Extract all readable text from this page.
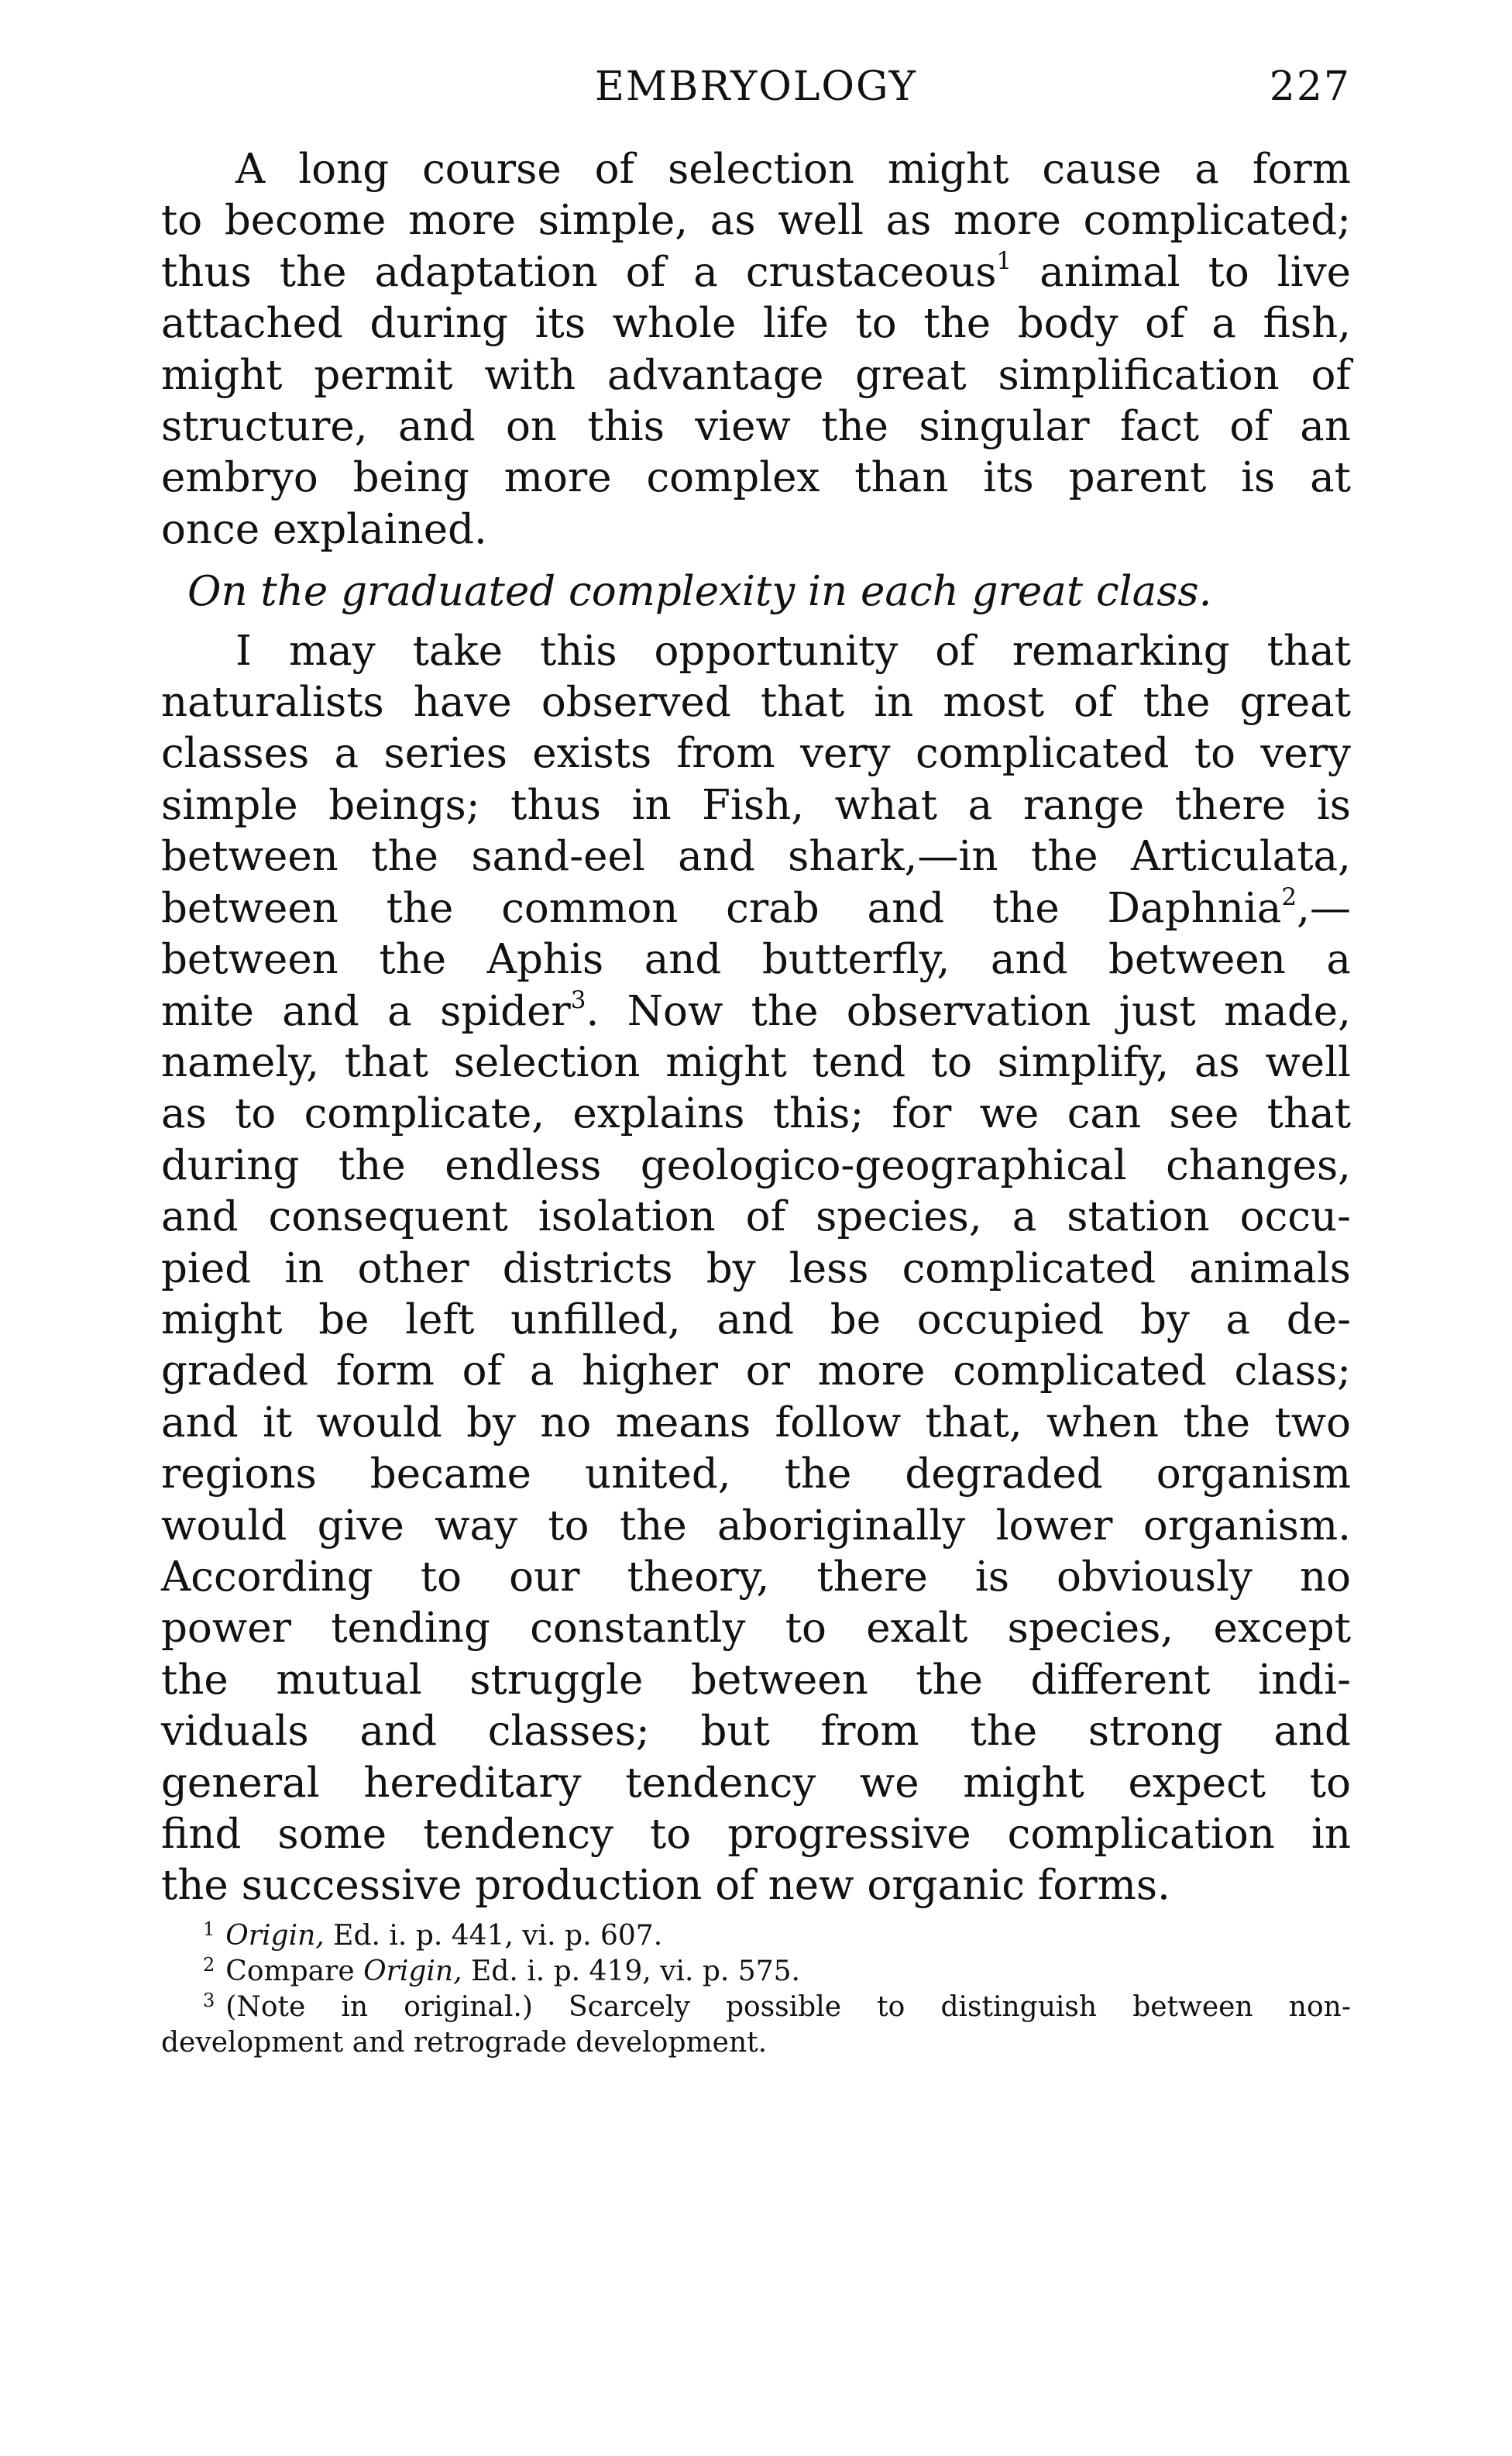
EMBRYOLOGY	227
A long course of selection might cause a form
to become more simple, as well as more complicated;
thus the adaptation of a crustaceous$^1$ animal to live
attached during its whole life to the body of a fish,
might permit with advantage great simplification of
structure, and on this view the singular fact of an
embryo being more complex than its parent is at
once explained.
On the graduated complexity in each great class.
I may take this opportunity of remarking that
naturalists have observed that in most of the great
classes a series exists from very complicated to very
simple beings; thus in Fish, what a range there is
between the sand-eel and shark,—in the Articulata,
between the common crab and the Daphnia$^2$,—
between the Aphis and butterfly, and between a
mite and a spider$^3$. Now the observation just made,
namely, that selection might tend to simplify, as well
as to complicate, explains this; for we can see that
during the endless geologico-geographical changes,
and consequent isolation of species, a station occu-
pied in other districts by less complicated animals
might be left unfilled, and be occupied by a de-
graded form of a higher or more complicated class;
and it would by no means follow that, when the two
regions became united, the degraded organism
would give way to the aboriginally lower organism.
According to our theory, there is obviously no
power tending constantly to exalt species, except
the mutual struggle between the different indi-
viduals and classes; but from the strong and
general hereditary tendency we might expect to
find some tendency to progressive complication in
the successive production of new organic forms.
$^1$ Origin, Ed. i. p. 441, vi. p. 607.
$^2$ Compare Origin, Ed. i. p. 419, vi. p. 575.
$^3$ (Note in original.) Scarcely possible to distinguish between non-
development and retrograde development.
